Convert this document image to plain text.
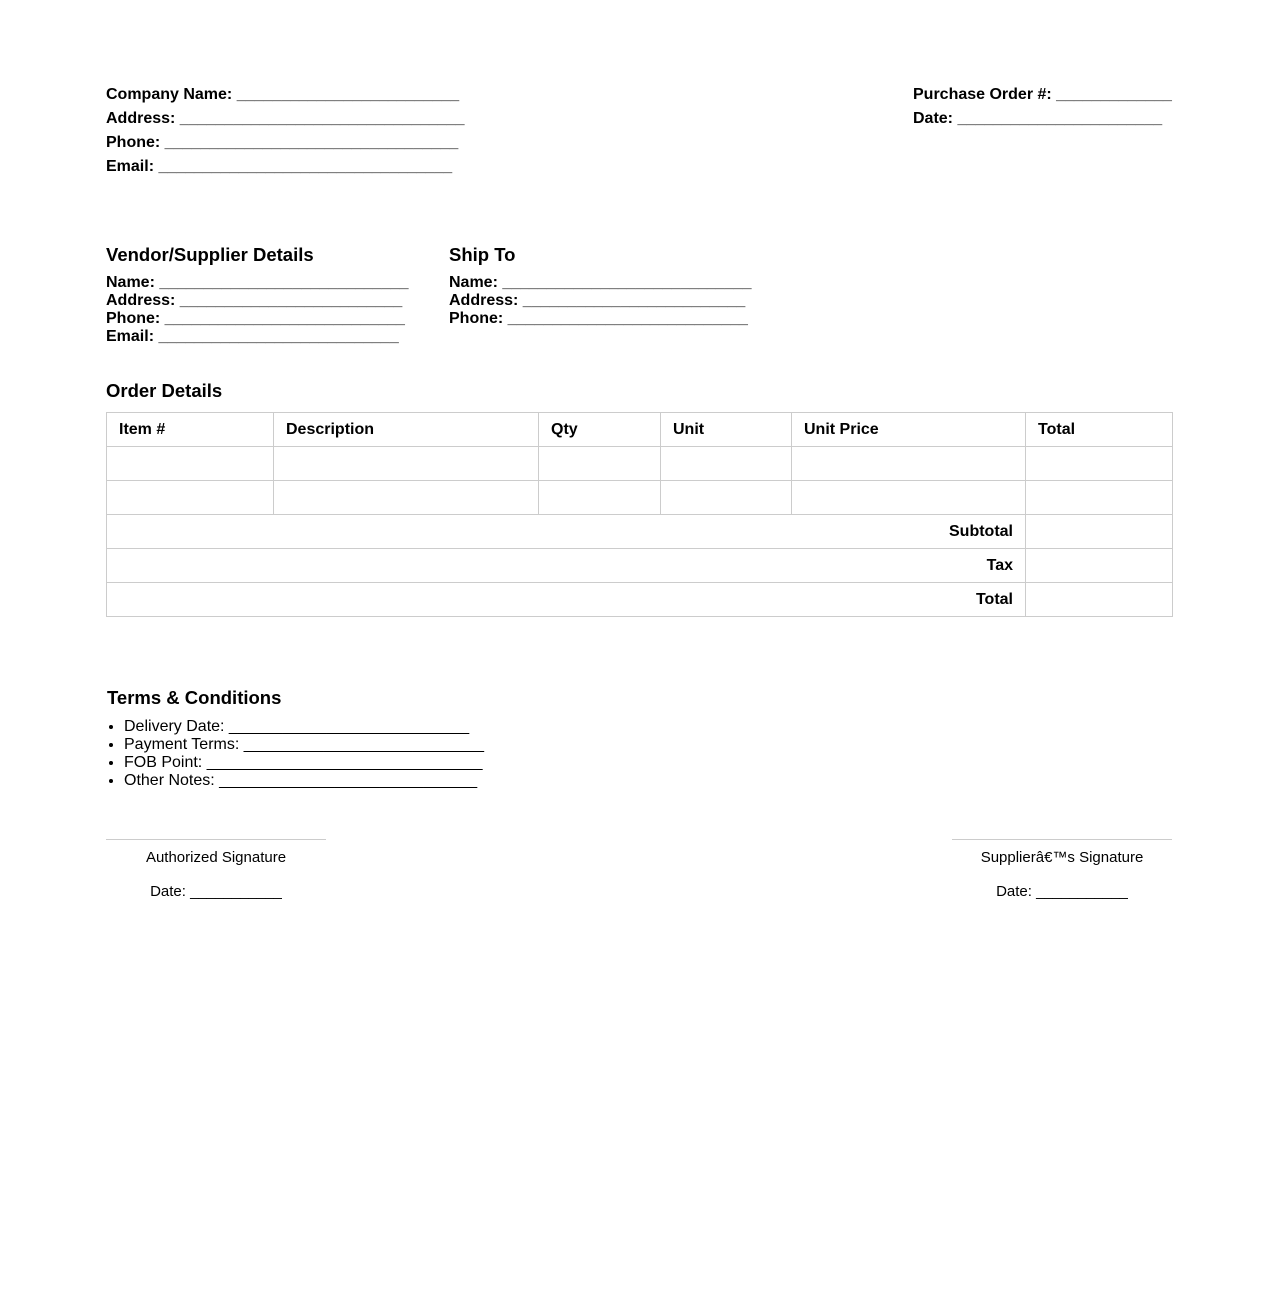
Company Name: _________________________
Address: ________________________________
Phone: _________________________________
Email: _________________________________
Purchase Order #: _____________
Date: _______________________
Vendor/Supplier Details
Name: ____________________________
Address: _________________________
Phone: ___________________________
Email: ___________________________
Ship To
Name: ____________________________
Address: _________________________
Phone: ___________________________
Order Details
Item #	Description	Qty	Unit	Unit Price	Total

Subtotal					
Tax					
Total					
Terms & Conditions
• Delivery Date: ___________________________
• Payment Terms: ___________________________
• FOB Point: _______________________________
• Other Notes: _____________________________
Authorized Signature
Date: ___________
Supplierâ€™s Signature
Date: ___________
